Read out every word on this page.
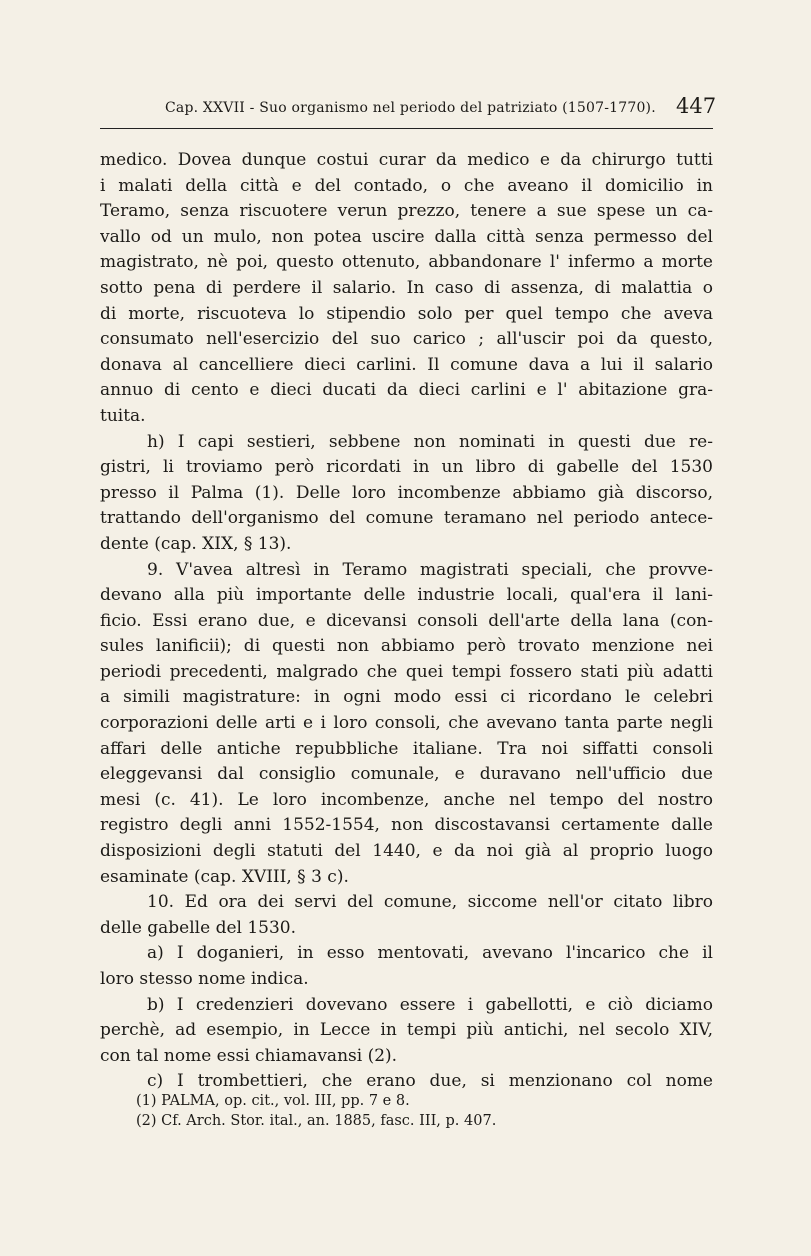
Cap. XXVII - Suo organismo nel periodo del patriziato (1507-1770). 447
medico. Dovea dunque costui curar da medico e da chirurgo tutti
i malati della città e del contado, o che aveano il domicilio in
Teramo, senza riscuotere verun prezzo, tenere a sue spese un ca-
vallo od un mulo, non potea uscire dalla città senza permesso del
magistrato, nè poi, questo ottenuto, abbandonare l' infermo a morte
sotto pena di perdere il salario. In caso di assenza, di malattia o
di morte, riscuoteva lo stipendio solo per quel tempo che aveva
consumato nell'esercizio del suo carico ; all'uscir poi da questo,
donava al cancelliere dieci carlini. Il comune dava a lui il salario
annuo di cento e dieci ducati da dieci carlini e l' abitazione gra-
tuita.
h) I capi sestieri, sebbene non nominati in questi due re-
gistri, li troviamo però ricordati in un libro di gabelle del 1530
presso il Palma (1). Delle loro incombenze abbiamo già discorso,
trattando dell'organismo del comune teramano nel periodo antece-
dente (cap. XIX, § 13).
9. V'avea altresì in Teramo magistrati speciali, che provve-
devano alla più importante delle industrie locali, qual'era il lani-
ficio. Essi erano due, e dicevansi consoli dell'arte della lana (con-
sules lanificii); di questi non abbiamo però trovato menzione nei
periodi precedenti, malgrado che quei tempi fossero stati più adatti
a simili magistrature: in ogni modo essi ci ricordano le celebri
corporazioni delle arti e i loro consoli, che avevano tanta parte negli
affari delle antiche repubbliche italiane. Tra noi siffatti consoli
eleggevansi dal consiglio comunale, e duravano nell'ufficio due
mesi (c. 41). Le loro incombenze, anche nel tempo del nostro
registro degli anni 1552-1554, non discostavansi certamente dalle
disposizioni degli statuti del 1440, e da noi già al proprio luogo
esaminate (cap. XVIII, § 3 c).
10. Ed ora dei servi del comune, siccome nell'or citato libro
delle gabelle del 1530.
a) I doganieri, in esso mentovati, avevano l'incarico che il
loro stesso nome indica.
b) I credenzieri dovevano essere i gabellotti, e ciò diciamo
perchè, ad esempio, in Lecce in tempi più antichi, nel secolo XIV,
con tal nome essi chiamavansi (2).
c) I trombettieri, che erano due, si menzionano col nome
(1) PALMA, op. cit., vol. III, pp. 7 e 8.
(2) Cf. Arch. Stor. ital., an. 1885, fasc. III, p. 407.
